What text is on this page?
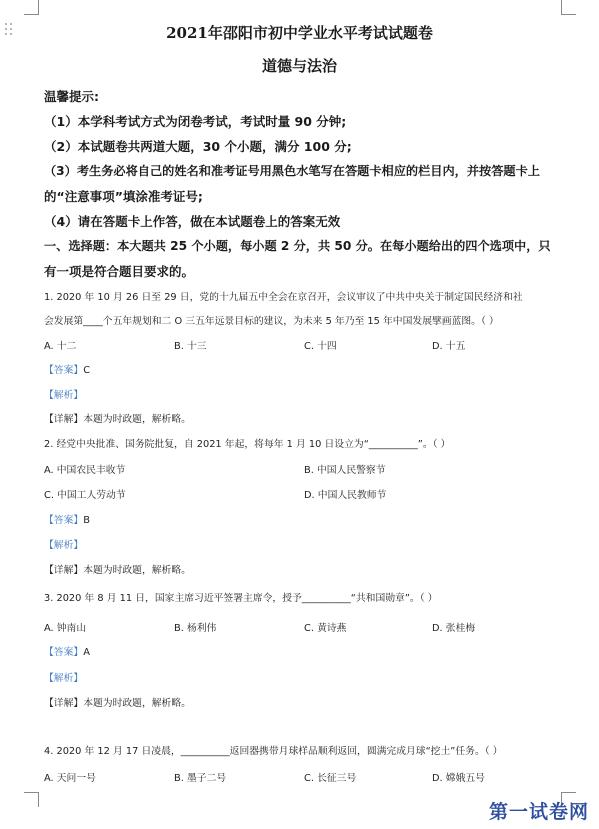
2021年邵阳市初中学业水平考试试题卷
道德与法治
温馨提示:
（1）本学科考试方式为闭卷考试，考试时量 90 分钟;
（2）本试题卷共两道大题，30 个小题，满分 100 分;
（3）考生务必将自己的姓名和准考证号用黑色水笔写在答题卡相应的栏目内，并按答题卡上
的“注意事项”填涂准考证号;
（4）请在答题卡上作答，做在本试题卷上的答案无效
一、选择题：本大题共 25 个小题，每小题 2 分，共 50 分。在每小题给出的四个选项中，只
有一项是符合题目要求的。
1. 2020 年 10 月 26 日至 29 日，党的十九届五中全会在京召开，会议审议了中共中央关于制定国民经济和社
会发展第____个五年规划和二 O 三五年远景目标的建议，为未来 5 年乃至 15 年中国发展擘画蓝图。（ ）
A. 十二	B. 十三	C. 十四	D. 十五
【答案】C
【解析】
【详解】本题为时政题，解析略。
2. 经党中央批准、国务院批复，自 2021 年起，将每年 1 月 10 日设立为“__________”。（ ）
A. 中国农民丰收节	B. 中国人民警察节
C. 中国工人劳动节	D. 中国人民教师节
【答案】B
【解析】
【详解】本题为时政题，解析略。
3. 2020 年 8 月 11 日，国家主席习近平签署主席令，授予__________“共和国勋章”。（ ）
A. 钟南山	B. 杨利伟	C. 黄诗燕	D. 张桂梅
【答案】A
【解析】
【详解】本题为时政题，解析略。
4. 2020 年 12 月 17 日凌晨，__________返回器携带月球样品顺利返回，圆满完成月球“挖土”任务。（ ）
A. 天问一号	B. 墨子二号	C. 长征三号	D. 嫦娥五号
第一试卷网
